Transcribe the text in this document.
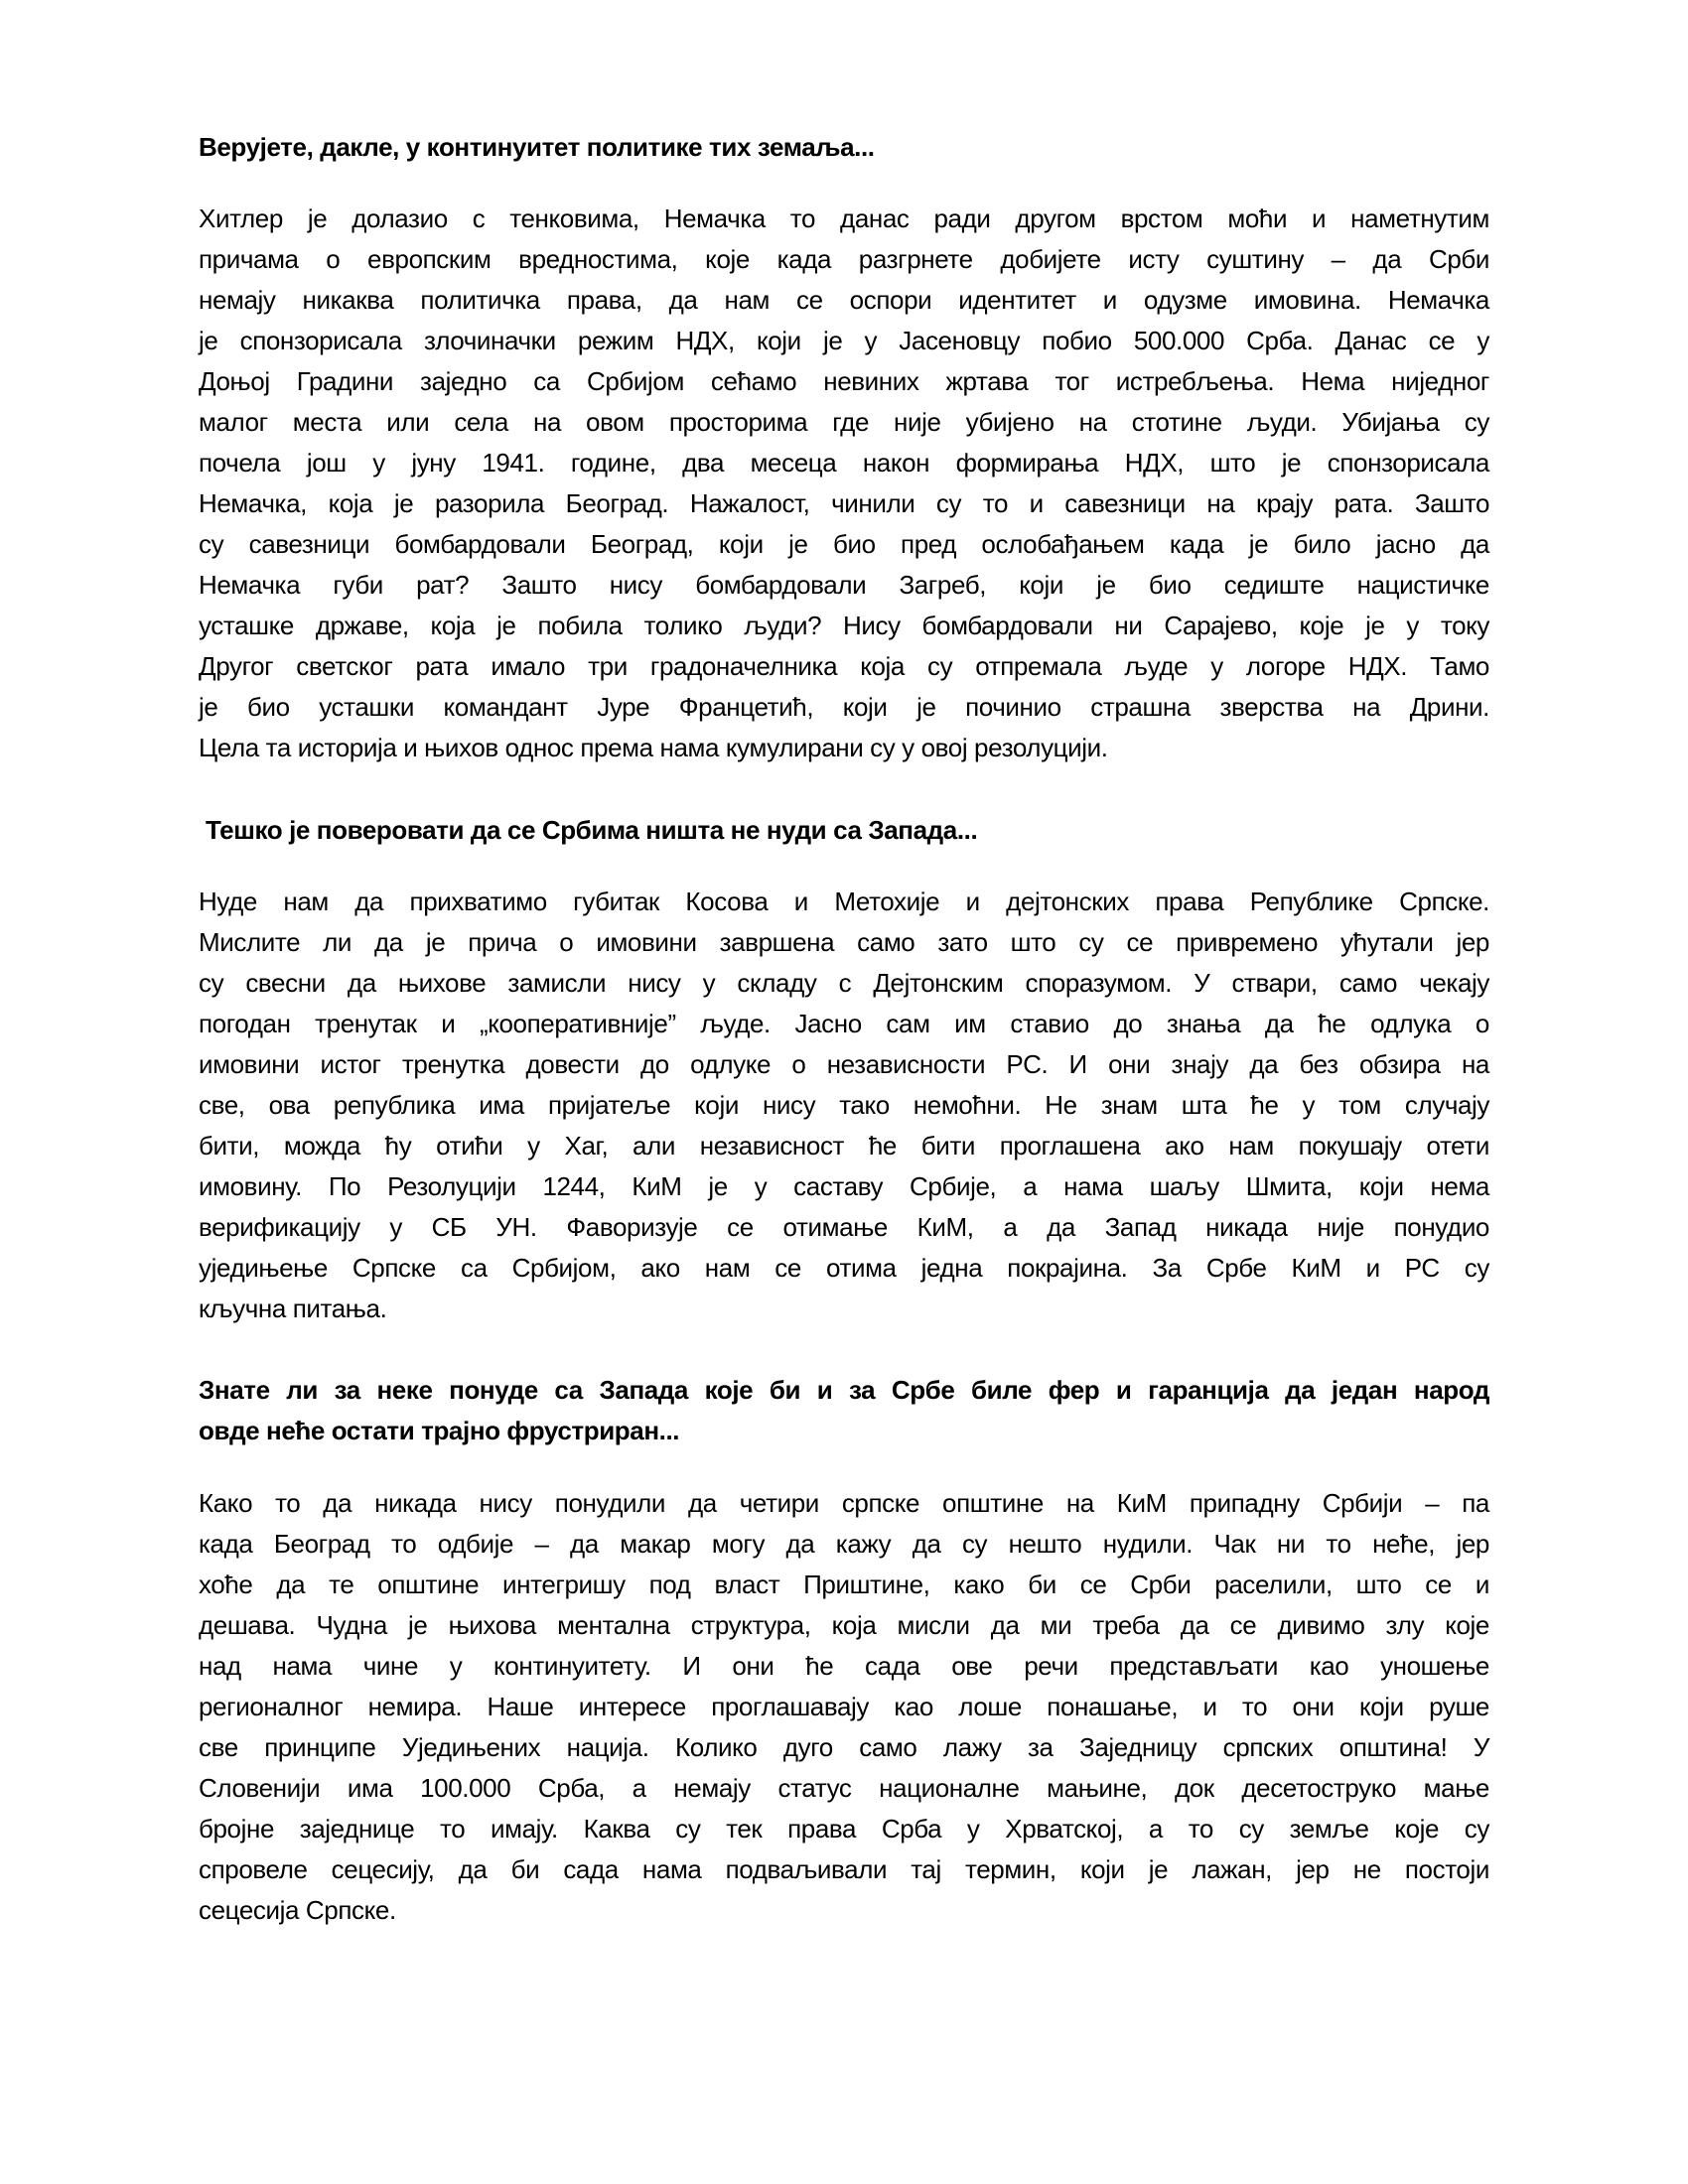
Верујете, дакле, у континуитет политике тих земаља...
Хитлер је долазио с тенковима, Немачка то данас ради другом врстом моћи и наметнутим
причама о европским вредностима, које када разгрнете добијете исту суштину – да Срби
немају никаква политичка права, да нам се оспори идентитет и одузме имовина. Немачка
је спонзорисала злочиначки режим НДХ, који је у Јасеновцу побио 500.000 Срба. Данас се у
Доњој Градини заједно са Србијом сећамо невиних жртава тог истребљења. Нема ниједног
малог места или села на овом просторима где није убијено на стотине људи. Убијања су
почела још у јуну 1941. године, два месеца након формирања НДХ, што је спонзорисала
Немачка, која је разорила Београд. Нажалост, чинили су то и савезници на крају рата. Зашто
су савезници бомбардовали Београд, који је био пред ослобађањем када је било јасно да
Немачка губи рат? Зашто нису бомбардовали Загреб, који је био седиште нацистичке
усташке државе, која је побила толико људи? Нису бомбардовали ни Сарајево, које је у току
Другог светског рата имало три градоначелника која су отпремала људе у логоре НДХ. Тамо
је био усташки командант Јуре Францетић, који је починио страшна зверства на Дрини.
Цела та историја и њихов однос према нама кумулирани су у овој резолуцији.
Тешко је поверовати да се Србима ништа не нуди са Запада...
Нуде нам да прихватимо губитак Косова и Метохије и дејтонских права Републике Српске.
Мислите ли да је прича о имовини завршена само зато што су се привремено ућутали јер
су свесни да њихове замисли нису у складу с Дејтонским споразумом. У ствари, само чекају
погодан тренутак и „кооперативније” људе. Јасно сам им ставио до знања да ће одлука о
имовини истог тренутка довести до одлуке о независности РС. И они знају да без обзира на
све, ова република има пријатеље који нису тако немоћни. Не знам шта ће у том случају
бити, можда ћу отићи у Хаг, али независност ће бити проглашена ако нам покушају отети
имовину. По Резолуцији 1244, КиМ је у саставу Србије, а нама шаљу Шмита, који нема
верификацију у СБ УН. Фаворизује се отимање КиМ, а да Запад никада није понудио
уједињење Српске са Србијом, ако нам се отима једна покрајина. За Србе КиМ и РС су
кључна питања.
Знате ли за неке понуде са Запада које би и за Србе биле фер и гаранција да један народ
овде неће остати трајно фрустриран...
Како то да никада нису понудили да четири српске општине на КиМ припадну Србији – па
када Београд то одбије – да макар могу да кажу да су нешто нудили. Чак ни то неће, јер
хоће да те општине интегришу под власт Приштине, како би се Срби раселили, што се и
дешава. Чудна је њихова ментална структура, која мисли да ми треба да се дивимо злу које
над нама чине у континуитету. И они ће сада ове речи представљати као уношење
регионалног немира. Наше интересе проглашавају као лоше понашање, и то они који руше
све принципе Уједињених нација. Колико дуго само лажу за Заједницу српских општина! У
Словенији има 100.000 Срба, а немају статус националне мањине, док десетоструко мање
бројне заједнице то имају. Каква су тек права Срба у Хрватској, а то су земље које су
спровеле сецесију, да би сада нама подваљивали тај термин, који је лажан, јер не постоји
сецесија Српске.
